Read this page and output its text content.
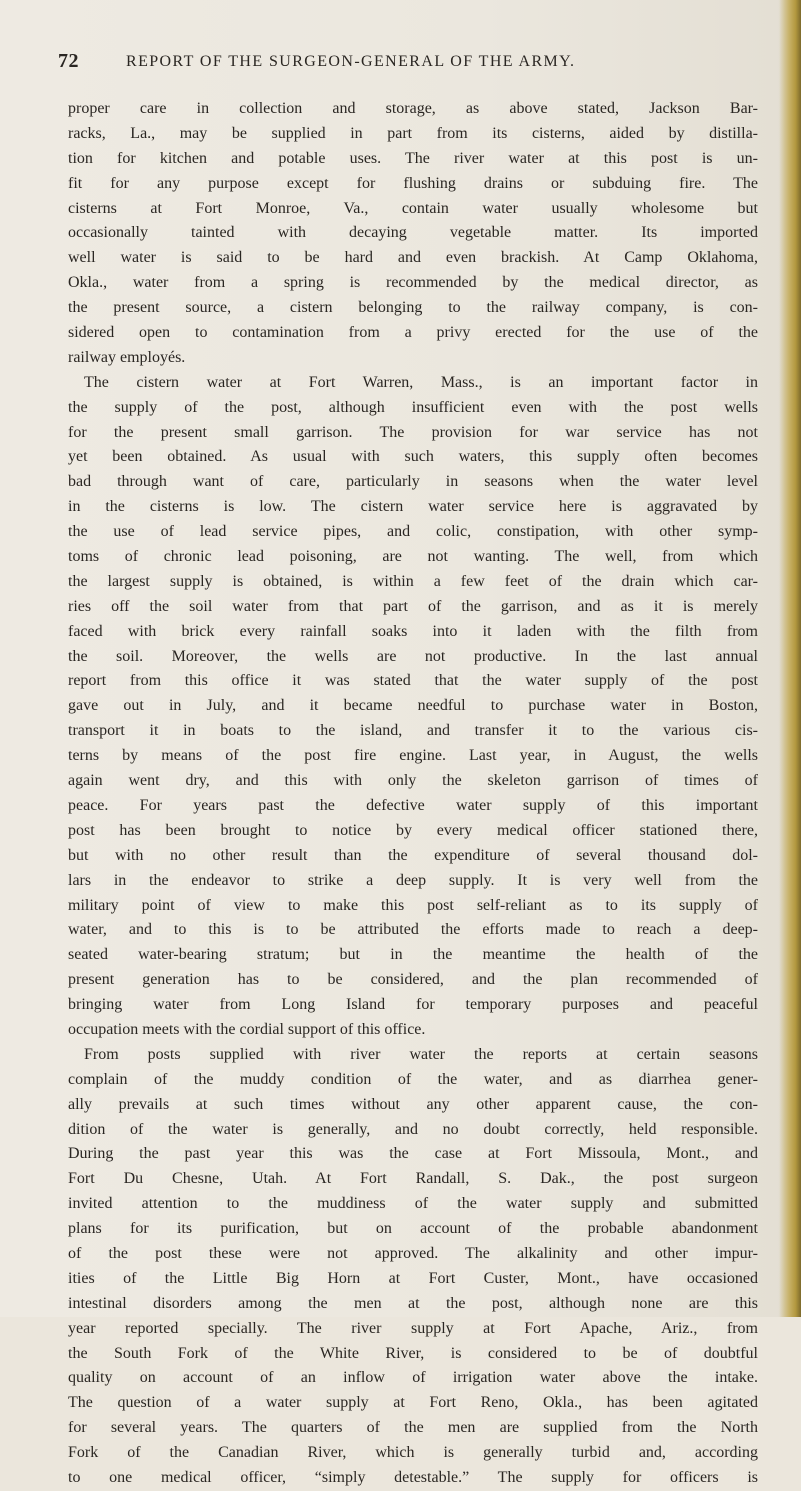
72	REPORT OF THE SURGEON-GENERAL OF THE ARMY.
proper care in collection and storage, as above stated, Jackson Bar-
racks, La., may be supplied in part from its cisterns, aided by distilla-
tion for kitchen and potable uses. The river water at this post is un-
fit for any purpose except for flushing drains or subduing fire. The
cisterns at Fort Monroe, Va., contain water usually wholesome but
occasionally tainted with decaying vegetable matter. Its imported
well water is said to be hard and even brackish. At Camp Oklahoma,
Okla., water from a spring is recommended by the medical director, as
the present source, a cistern belonging to the railway company, is con-
sidered open to contamination from a privy erected for the use of the
railway employés.
The cistern water at Fort Warren, Mass., is an important factor in
the supply of the post, although insufficient even with the post wells
for the present small garrison. The provision for war service has not
yet been obtained. As usual with such waters, this supply often becomes
bad through want of care, particularly in seasons when the water level
in the cisterns is low. The cistern water service here is aggravated by
the use of lead service pipes, and colic, constipation, with other symp-
toms of chronic lead poisoning, are not wanting. The well, from which
the largest supply is obtained, is within a few feet of the drain which car-
ries off the soil water from that part of the garrison, and as it is merely
faced with brick every rainfall soaks into it laden with the filth from
the soil. Moreover, the wells are not productive. In the last annual
report from this office it was stated that the water supply of the post
gave out in July, and it became needful to purchase water in Boston,
transport it in boats to the island, and transfer it to the various cis-
terns by means of the post fire engine. Last year, in August, the wells
again went dry, and this with only the skeleton garrison of times of
peace. For years past the defective water supply of this important
post has been brought to notice by every medical officer stationed there,
but with no other result than the expenditure of several thousand dol-
lars in the endeavor to strike a deep supply. It is very well from the
military point of view to make this post self-reliant as to its supply of
water, and to this is to be attributed the efforts made to reach a deep-
seated water-bearing stratum; but in the meantime the health of the
present generation has to be considered, and the plan recommended of
bringing water from Long Island for temporary purposes and peaceful
occupation meets with the cordial support of this office.
From posts supplied with river water the reports at certain seasons
complain of the muddy condition of the water, and as diarrhea gener-
ally prevails at such times without any other apparent cause, the con-
dition of the water is generally, and no doubt correctly, held responsible.
During the past year this was the case at Fort Missoula, Mont., and
Fort Du Chesne, Utah. At Fort Randall, S. Dak., the post surgeon
invited attention to the muddiness of the water supply and submitted
plans for its purification, but on account of the probable abandonment
of the post these were not approved. The alkalinity and other impur-
ities of the Little Big Horn at Fort Custer, Mont., have occasioned
intestinal disorders among the men at the post, although none are this
year reported specially. The river supply at Fort Apache, Ariz., from
the South Fork of the White River, is considered to be of doubtful
quality on account of an inflow of irrigation water above the intake.
The question of a water supply at Fort Reno, Okla., has been agitated
for several years. The quarters of the men are supplied from the North
Fork of the Canadian River, which is generally turbid and, according
to one medical officer, “simply detestable.” The supply for officers is
